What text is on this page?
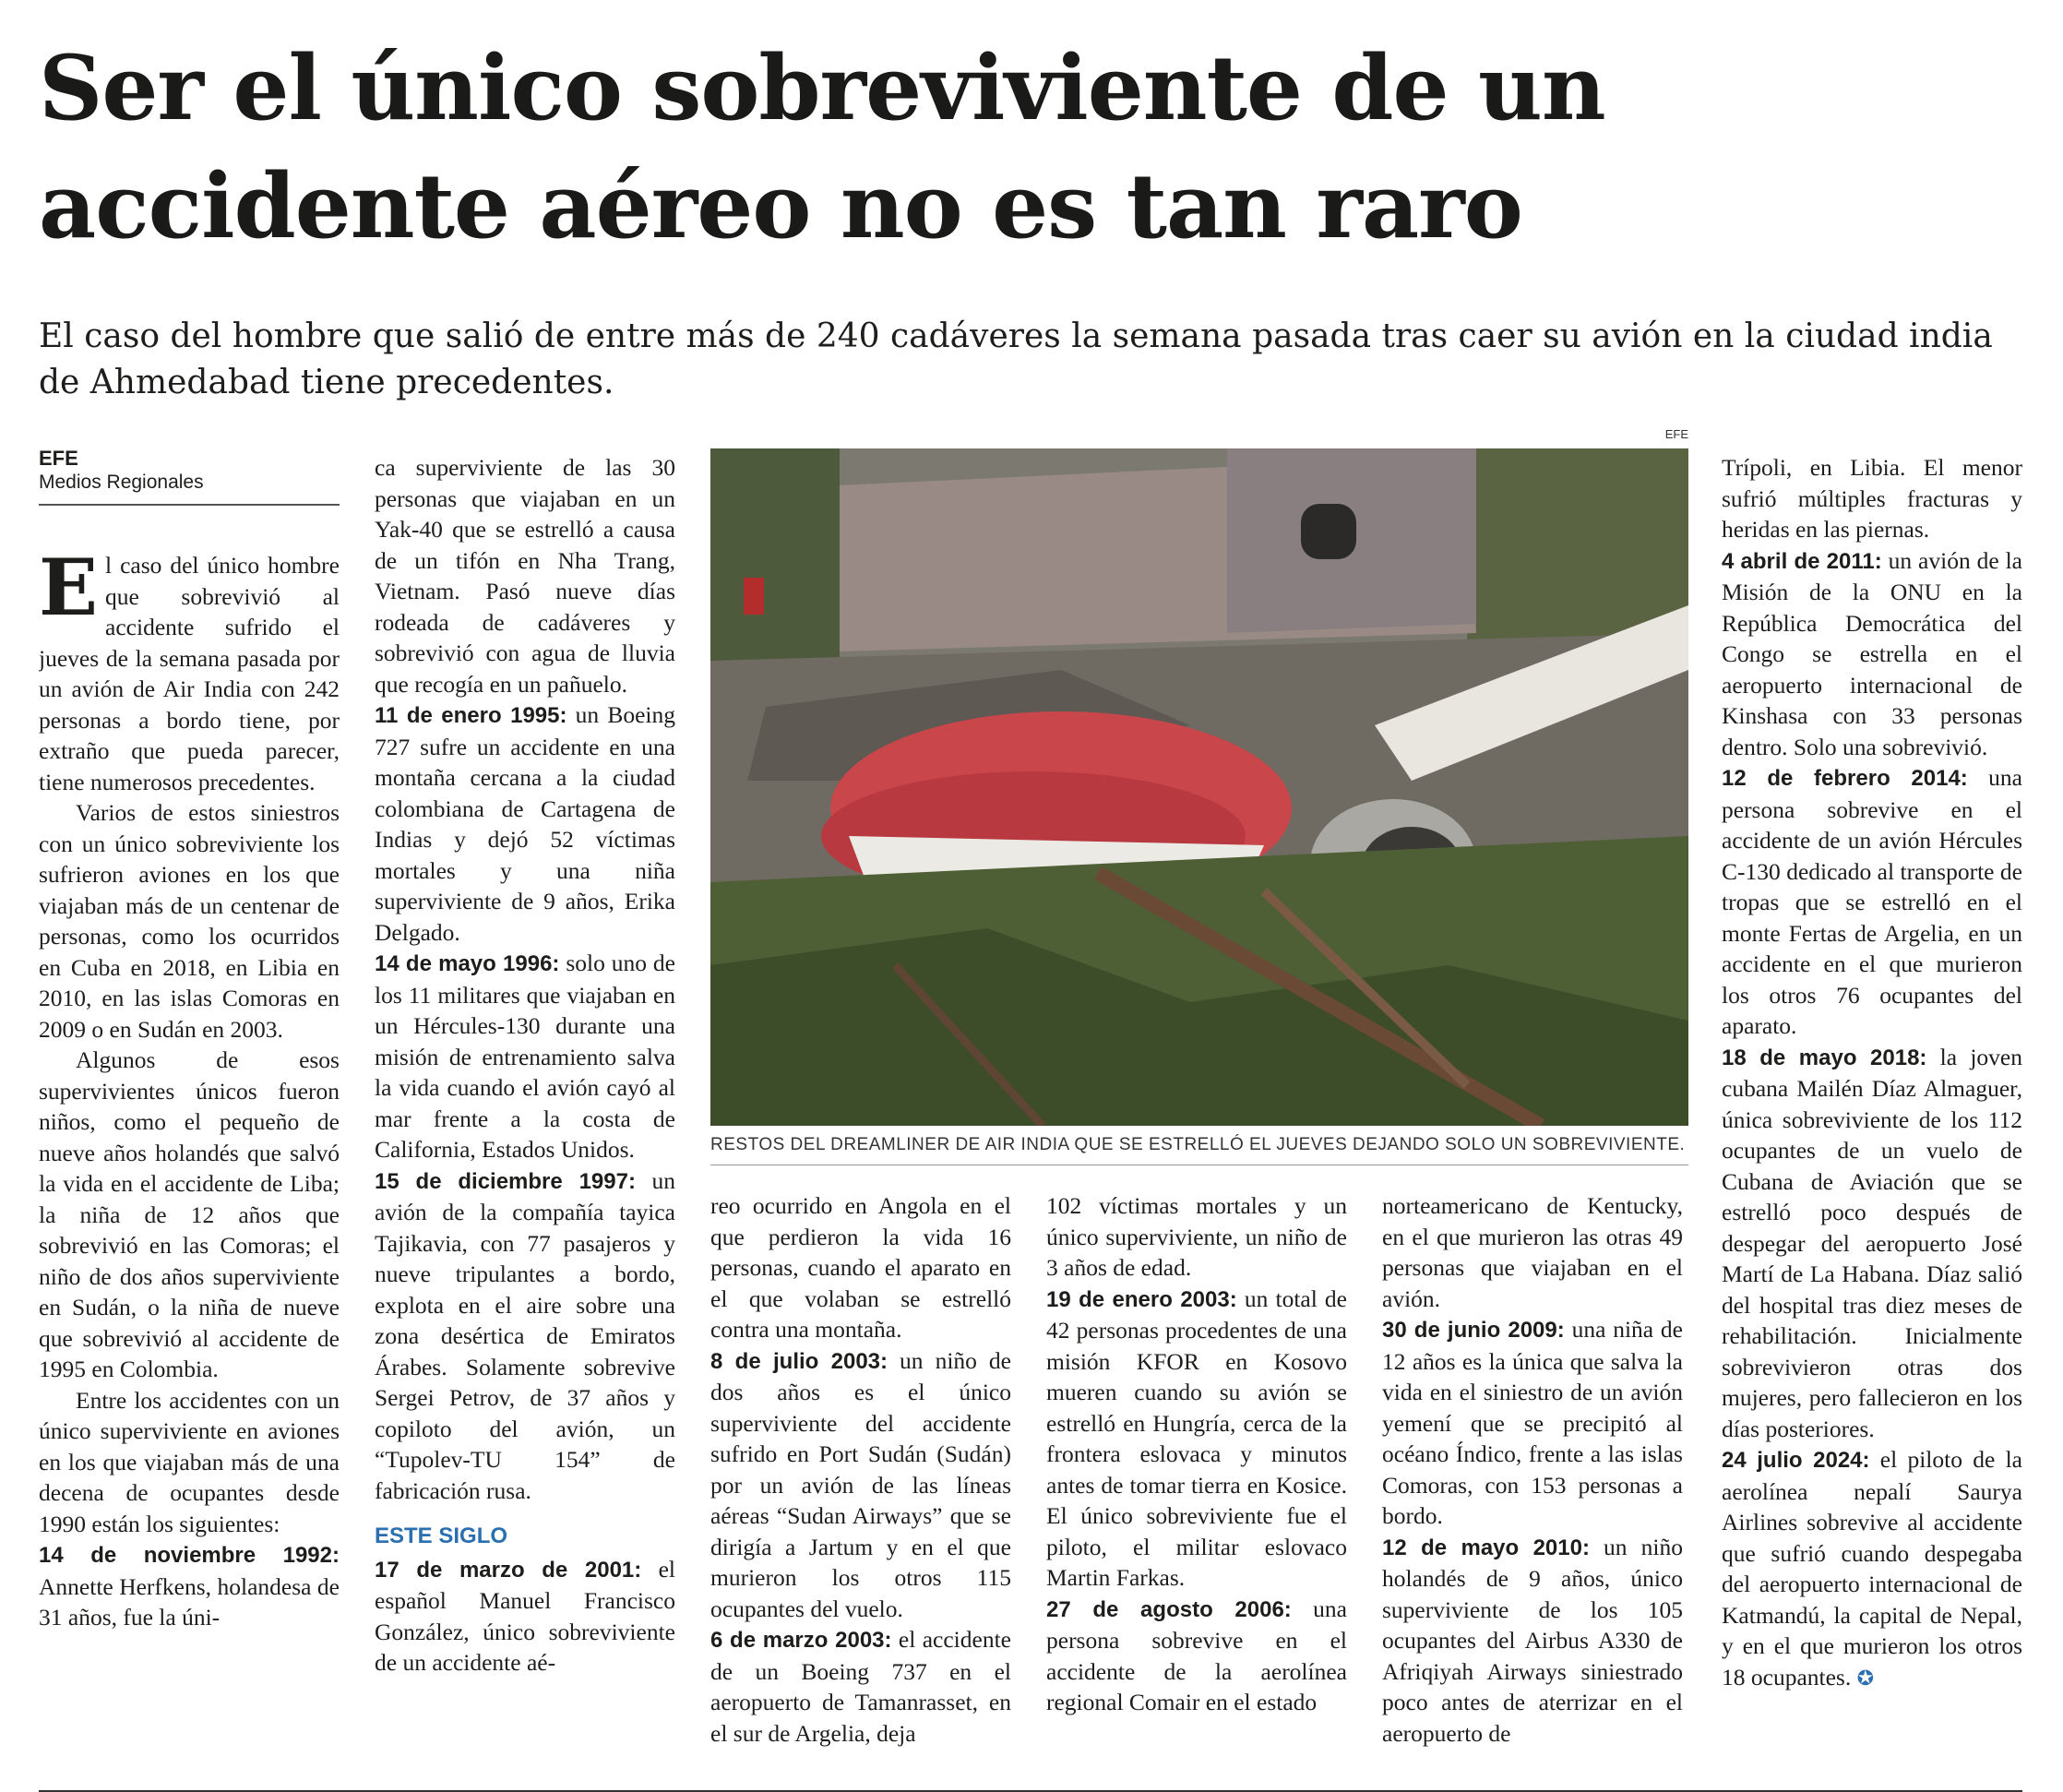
Ser el único sobreviviente de un accidente aéreo no es tan raro

El caso del hombre que salió de entre más de 240 cadáveres la semana pasada tras caer su avión en la ciudad india de Ahmedabad tiene precedentes.

EFE
Medios Regionales

El caso del único hombre que sobrevivió al accidente sufrido el jueves de la semana pasada por un avión de Air India con 242 personas a bordo tiene, por extraño que pueda parecer, tiene numerosos precedentes.

Varios de estos siniestros con un único sobreviviente los sufrieron aviones en los que viajaban más de un centenar de personas, como los ocurridos en Cuba en 2018, en Libia en 2010, en las islas Comoras en 2009 o en Sudán en 2003.

Algunos de esos supervivientes únicos fueron niños, como el pequeño de nueve años holandés que salvó la vida en el accidente de Liba; la niña de 12 años que sobrevivió en las Comoras; el niño de dos años superviviente en Sudán, o la niña de nueve que sobrevivió al accidente de 1995 en Colombia.

Entre los accidentes con un único superviviente en aviones en los que viajaban más de una decena de ocupantes desde 1990 están los siguientes:

14 de noviembre 1992: Annette Herfkens, holandesa de 31 años, fue la úni-

ca superviviente de las 30 personas que viajaban en un Yak-40 que se estrelló a causa de un tifón en Nha Trang, Vietnam. Pasó nueve días rodeada de cadáveres y sobrevivió con agua de lluvia que recogía en un pañuelo.

11 de enero 1995: un Boeing 727 sufre un accidente en una montaña cercana a la ciudad colombiana de Cartagena de Indias y dejó 52 víctimas mortales y una niña superviviente de 9 años, Erika Delgado.

14 de mayo 1996: solo uno de los 11 militares que viajaban en un Hércules-130 durante una misión de entrenamiento salva la vida cuando el avión cayó al mar frente a la costa de California, Estados Unidos.

15 de diciembre 1997: un avión de la compañía tayica Tajikavia, con 77 pasajeros y nueve tripulantes a bordo, explota en el aire sobre una zona desértica de Emiratos Árabes. Solamente sobrevive Sergei Petrov, de 37 años y copiloto del avión, un “Tupolev-TU 154” de fabricación rusa.

ESTE SIGLO

17 de marzo de 2001: el español Manuel Francisco González, único sobreviviente de un accidente aé-

EFE
RESTOS DEL DREAMLINER DE AIR INDIA QUE SE ESTRELLÓ EL JUEVES DEJANDO SOLO UN SOBREVIVIENTE.

reo ocurrido en Angola en el que perdieron la vida 16 personas, cuando el aparato en el que volaban se estrelló contra una montaña.

8 de julio 2003: un niño de dos años es el único superviviente del accidente sufrido en Port Sudán (Sudán) por un avión de las líneas aéreas “Sudan Airways” que se dirigía a Jartum y en el que murieron los otros 115 ocupantes del vuelo.

6 de marzo 2003: el accidente de un Boeing 737 en el aeropuerto de Tamanrasset, en el sur de Argelia, deja

102 víctimas mortales y un único superviviente, un niño de 3 años de edad.

19 de enero 2003: un total de 42 personas procedentes de una misión KFOR en Kosovo mueren cuando su avión se estrelló en Hungría, cerca de la frontera eslovaca y minutos antes de tomar tierra en Kosice. El único sobreviviente fue el piloto, el militar eslovaco Martin Farkas.

27 de agosto 2006: una persona sobrevive en el accidente de la aerolínea regional Comair en el estado

norteamericano de Kentucky, en el que murieron las otras 49 personas que viajaban en el avión.

30 de junio 2009: una niña de 12 años es la única que salva la vida en el siniestro de un avión yemení que se precipitó al océano Índico, frente a las islas Comoras, con 153 personas a bordo.

12 de mayo 2010: un niño holandés de 9 años, único superviviente de los 105 ocupantes del Airbus A330 de Afriqiyah Airways siniestrado poco antes de aterrizar en el aeropuerto de

Trípoli, en Libia. El menor sufrió múltiples fracturas y heridas en las piernas.

4 abril de 2011: un avión de la Misión de la ONU en la República Democrática del Congo se estrella en el aeropuerto internacional de Kinshasa con 33 personas dentro. Solo una sobrevivió.

12 de febrero 2014: una persona sobrevive en el accidente de un avión Hércules C-130 dedicado al transporte de tropas que se estrelló en el monte Fertas de Argelia, en un accidente en el que murieron los otros 76 ocupantes del aparato.

18 de mayo 2018: la joven cubana Mailén Díaz Almaguer, única sobreviviente de los 112 ocupantes de un vuelo de Cubana de Aviación que se estrelló poco después de despegar del aeropuerto José Martí de La Habana. Díaz salió del hospital tras diez meses de rehabilitación. Inicialmente sobrevivieron otras dos mujeres, pero fallecieron en los días posteriores.

24 julio 2024: el piloto de la aerolínea nepalí Saurya Airlines sobrevive al accidente que sufrió cuando despegaba del aeropuerto internacional de Katmandú, la capital de Nepal, y en el que murieron los otros 18 ocupantes. ✪
